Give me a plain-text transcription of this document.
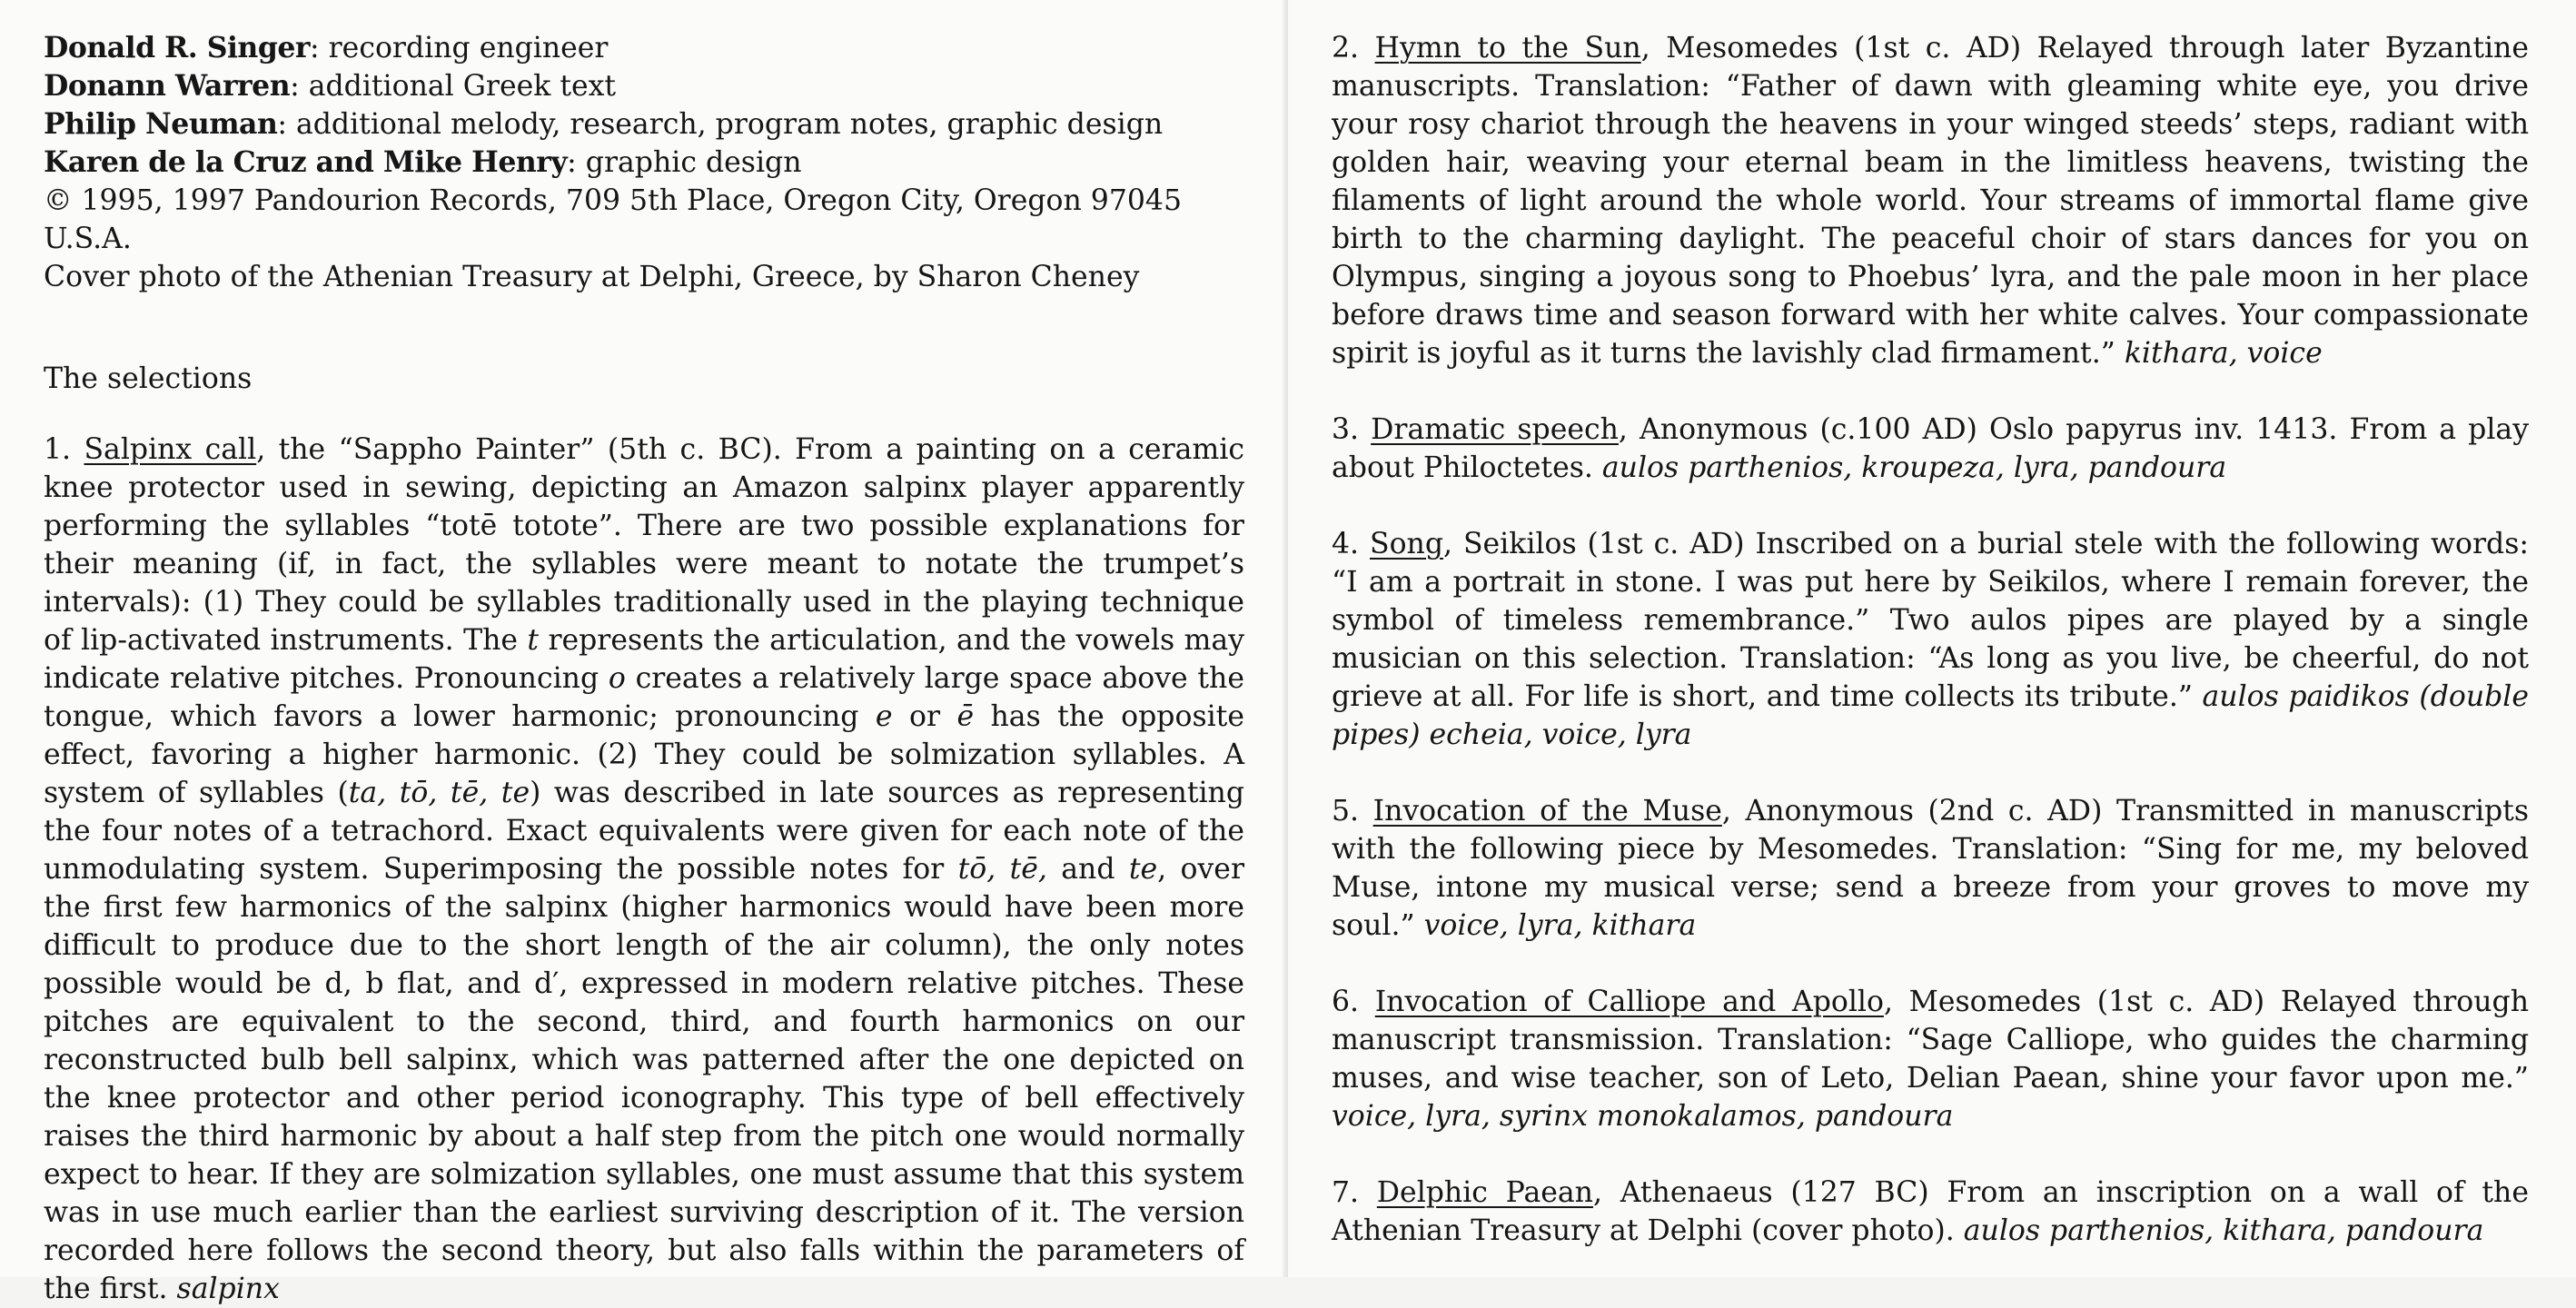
Donald R. Singer: recording engineer
Donann Warren: additional Greek text
Philip Neuman: additional melody, research, program notes, graphic design
Karen de la Cruz and Mike Henry: graphic design
© 1995, 1997 Pandourion Records, 709 5th Place, Oregon City, Oregon 97045 U.S.A.
Cover photo of the Athenian Treasury at Delphi, Greece, by Sharon Cheney

The selections

1. Salpinx call, the “Sappho Painter” (5th c. BC). From a painting on a ceramic knee protector used in sewing, depicting an Amazon salpinx player apparently performing the syllables “totē totote”. There are two possible explanations for their meaning (if, in fact, the syllables were meant to notate the trumpet’s intervals): (1) They could be syllables traditionally used in the playing technique of lip-activated instruments. The t represents the articulation, and the vowels may indicate relative pitches. Pronouncing o creates a relatively large space above the tongue, which favors a lower harmonic; pronouncing e or ē has the opposite effect, favoring a higher harmonic. (2) They could be solmization syllables. A system of syllables (ta, tō, tē, te) was described in late sources as representing the four notes of a tetrachord. Exact equivalents were given for each note of the unmodulating system. Superimposing the possible notes for tō, tē, and te, over the first few harmonics of the salpinx (higher harmonics would have been more difficult to produce due to the short length of the air column), the only notes possible would be d, b flat, and d′, expressed in modern relative pitches. These pitches are equivalent to the second, third, and fourth harmonics on our reconstructed bulb bell salpinx, which was patterned after the one depicted on the knee protector and other period iconography. This type of bell effectively raises the third harmonic by about a half step from the pitch one would normally expect to hear. If they are solmization syllables, one must assume that this system was in use much earlier than the earliest surviving description of it. The version recorded here follows the second theory, but also falls within the parameters of the first. salpinx

2. Hymn to the Sun, Mesomedes (1st c. AD) Relayed through later Byzantine manuscripts. Translation: “Father of dawn with gleaming white eye, you drive your rosy chariot through the heavens in your winged steeds’ steps, radiant with golden hair, weaving your eternal beam in the limitless heavens, twisting the filaments of light around the whole world. Your streams of immortal flame give birth to the charming daylight. The peaceful choir of stars dances for you on Olympus, singing a joyous song to Phoebus’ lyra, and the pale moon in her place before draws time and season forward with her white calves. Your compassionate spirit is joyful as it turns the lavishly clad firmament.” kithara, voice

3. Dramatic speech, Anonymous (c.100 AD) Oslo papyrus inv. 1413. From a play about Philoctetes. aulos parthenios, kroupeza, lyra, pandoura

4. Song, Seikilos (1st c. AD) Inscribed on a burial stele with the following words: “I am a portrait in stone. I was put here by Seikilos, where I remain forever, the symbol of timeless remembrance.” Two aulos pipes are played by a single musician on this selection. Translation: “As long as you live, be cheerful, do not grieve at all. For life is short, and time collects its tribute.” aulos paidikos (double pipes) echeia, voice, lyra

5. Invocation of the Muse, Anonymous (2nd c. AD) Transmitted in manuscripts with the following piece by Mesomedes. Translation: “Sing for me, my beloved Muse, intone my musical verse; send a breeze from your groves to move my soul.” voice, lyra, kithara

6. Invocation of Calliope and Apollo, Mesomedes (1st c. AD) Relayed through manuscript transmission. Translation: “Sage Calliope, who guides the charming muses, and wise teacher, son of Leto, Delian Paean, shine your favor upon me.” voice, lyra, syrinx monokalamos, pandoura

7. Delphic Paean, Athenaeus (127 BC) From an inscription on a wall of the Athenian Treasury at Delphi (cover photo). aulos parthenios, kithara, pandoura
